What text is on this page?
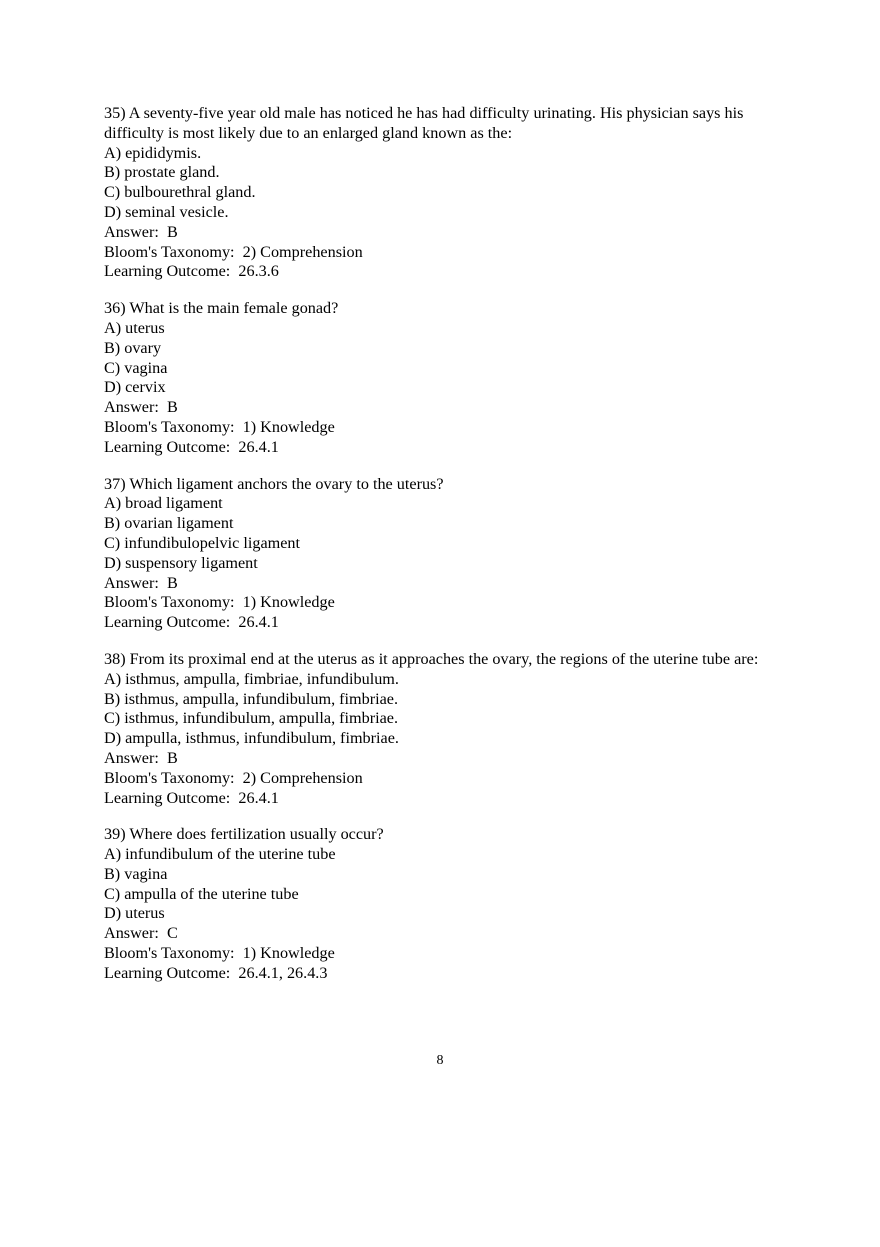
35) A seventy-five year old male has noticed he has had difficulty urinating. His physician says his difficulty is most likely due to an enlarged gland known as the:
A) epididymis.
B) prostate gland.
C) bulbourethral gland.
D) seminal vesicle.
Answer:  B
Bloom's Taxonomy:  2) Comprehension
Learning Outcome:  26.3.6
36) What is the main female gonad?
A) uterus
B) ovary
C) vagina
D) cervix
Answer:  B
Bloom's Taxonomy:  1) Knowledge
Learning Outcome:  26.4.1
37) Which ligament anchors the ovary to the uterus?
A) broad ligament
B) ovarian ligament
C) infundibulopelvic ligament
D) suspensory ligament
Answer:  B
Bloom's Taxonomy:  1) Knowledge
Learning Outcome:  26.4.1
38) From its proximal end at the uterus as it approaches the ovary, the regions of the uterine tube are:
A) isthmus, ampulla, fimbriae, infundibulum.
B) isthmus, ampulla, infundibulum, fimbriae.
C) isthmus, infundibulum, ampulla, fimbriae.
D) ampulla, isthmus, infundibulum, fimbriae.
Answer:  B
Bloom's Taxonomy:  2) Comprehension
Learning Outcome:  26.4.1
39) Where does fertilization usually occur?
A) infundibulum of the uterine tube
B) vagina
C) ampulla of the uterine tube
D) uterus
Answer:  C
Bloom's Taxonomy:  1) Knowledge
Learning Outcome:  26.4.1, 26.4.3
8
